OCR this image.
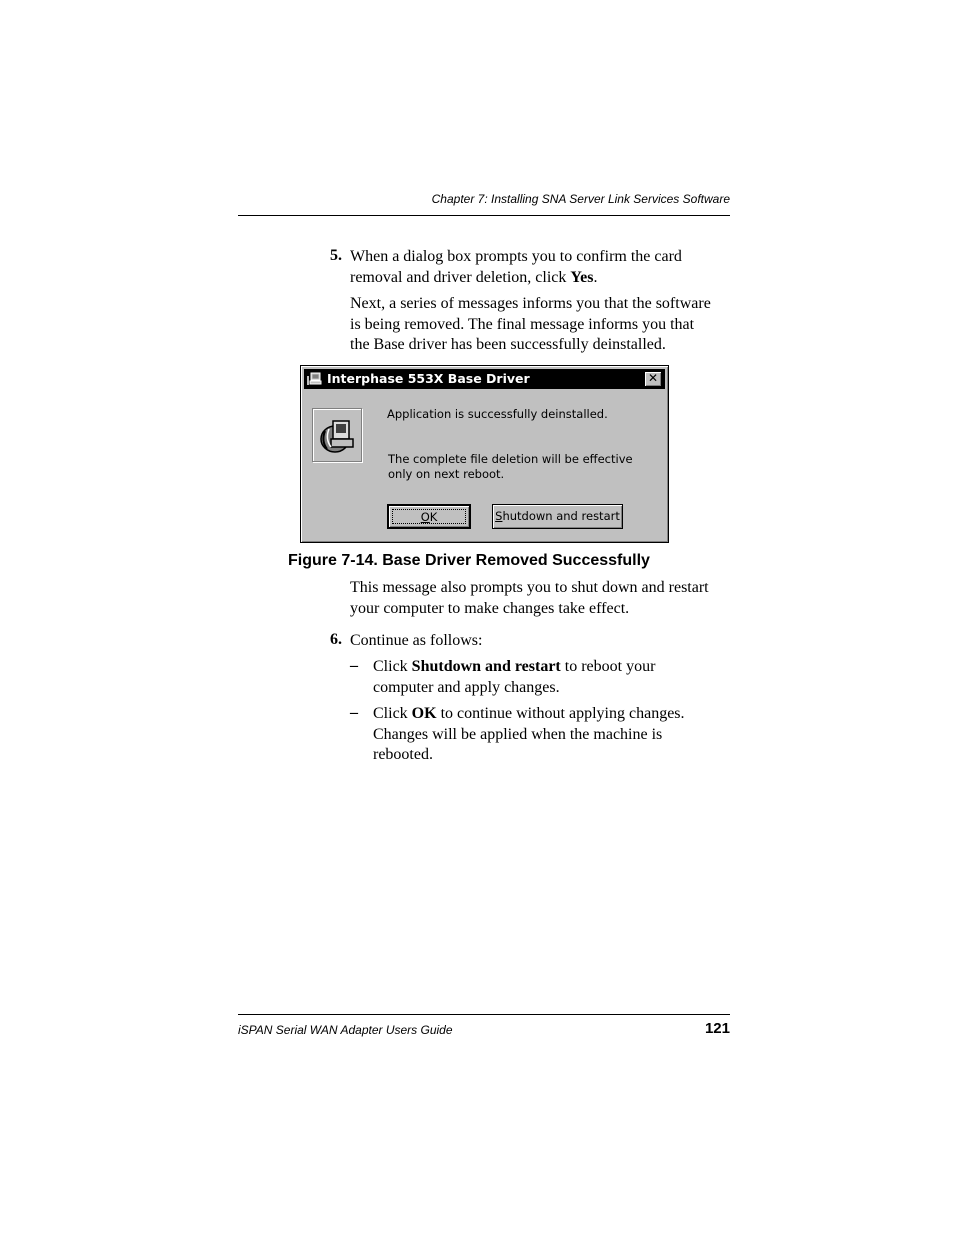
Chapter 7: Installing SNA Server Link Services Software
5. When a dialog box prompts you to confirm the card
removal and driver deletion, click Yes.
Next, a series of messages informs you that the software
is being removed. The final message informs you that
the Base driver has been successfully deinstalled.
Interphase 553X Base Driver	✕
Application is successfully deinstalled.
The complete file deletion will be effective
only on next reboot.
OK	Shutdown and restart
Figure 7-14. Base Driver Removed Successfully
This message also prompts you to shut down and restart
your computer to make changes take effect.
6. Continue as follows:
– Click Shutdown and restart to reboot your
computer and apply changes.
– Click OK to continue without applying changes.
Changes will be applied when the machine is
rebooted.
iSPAN Serial WAN Adapter Users Guide	121
